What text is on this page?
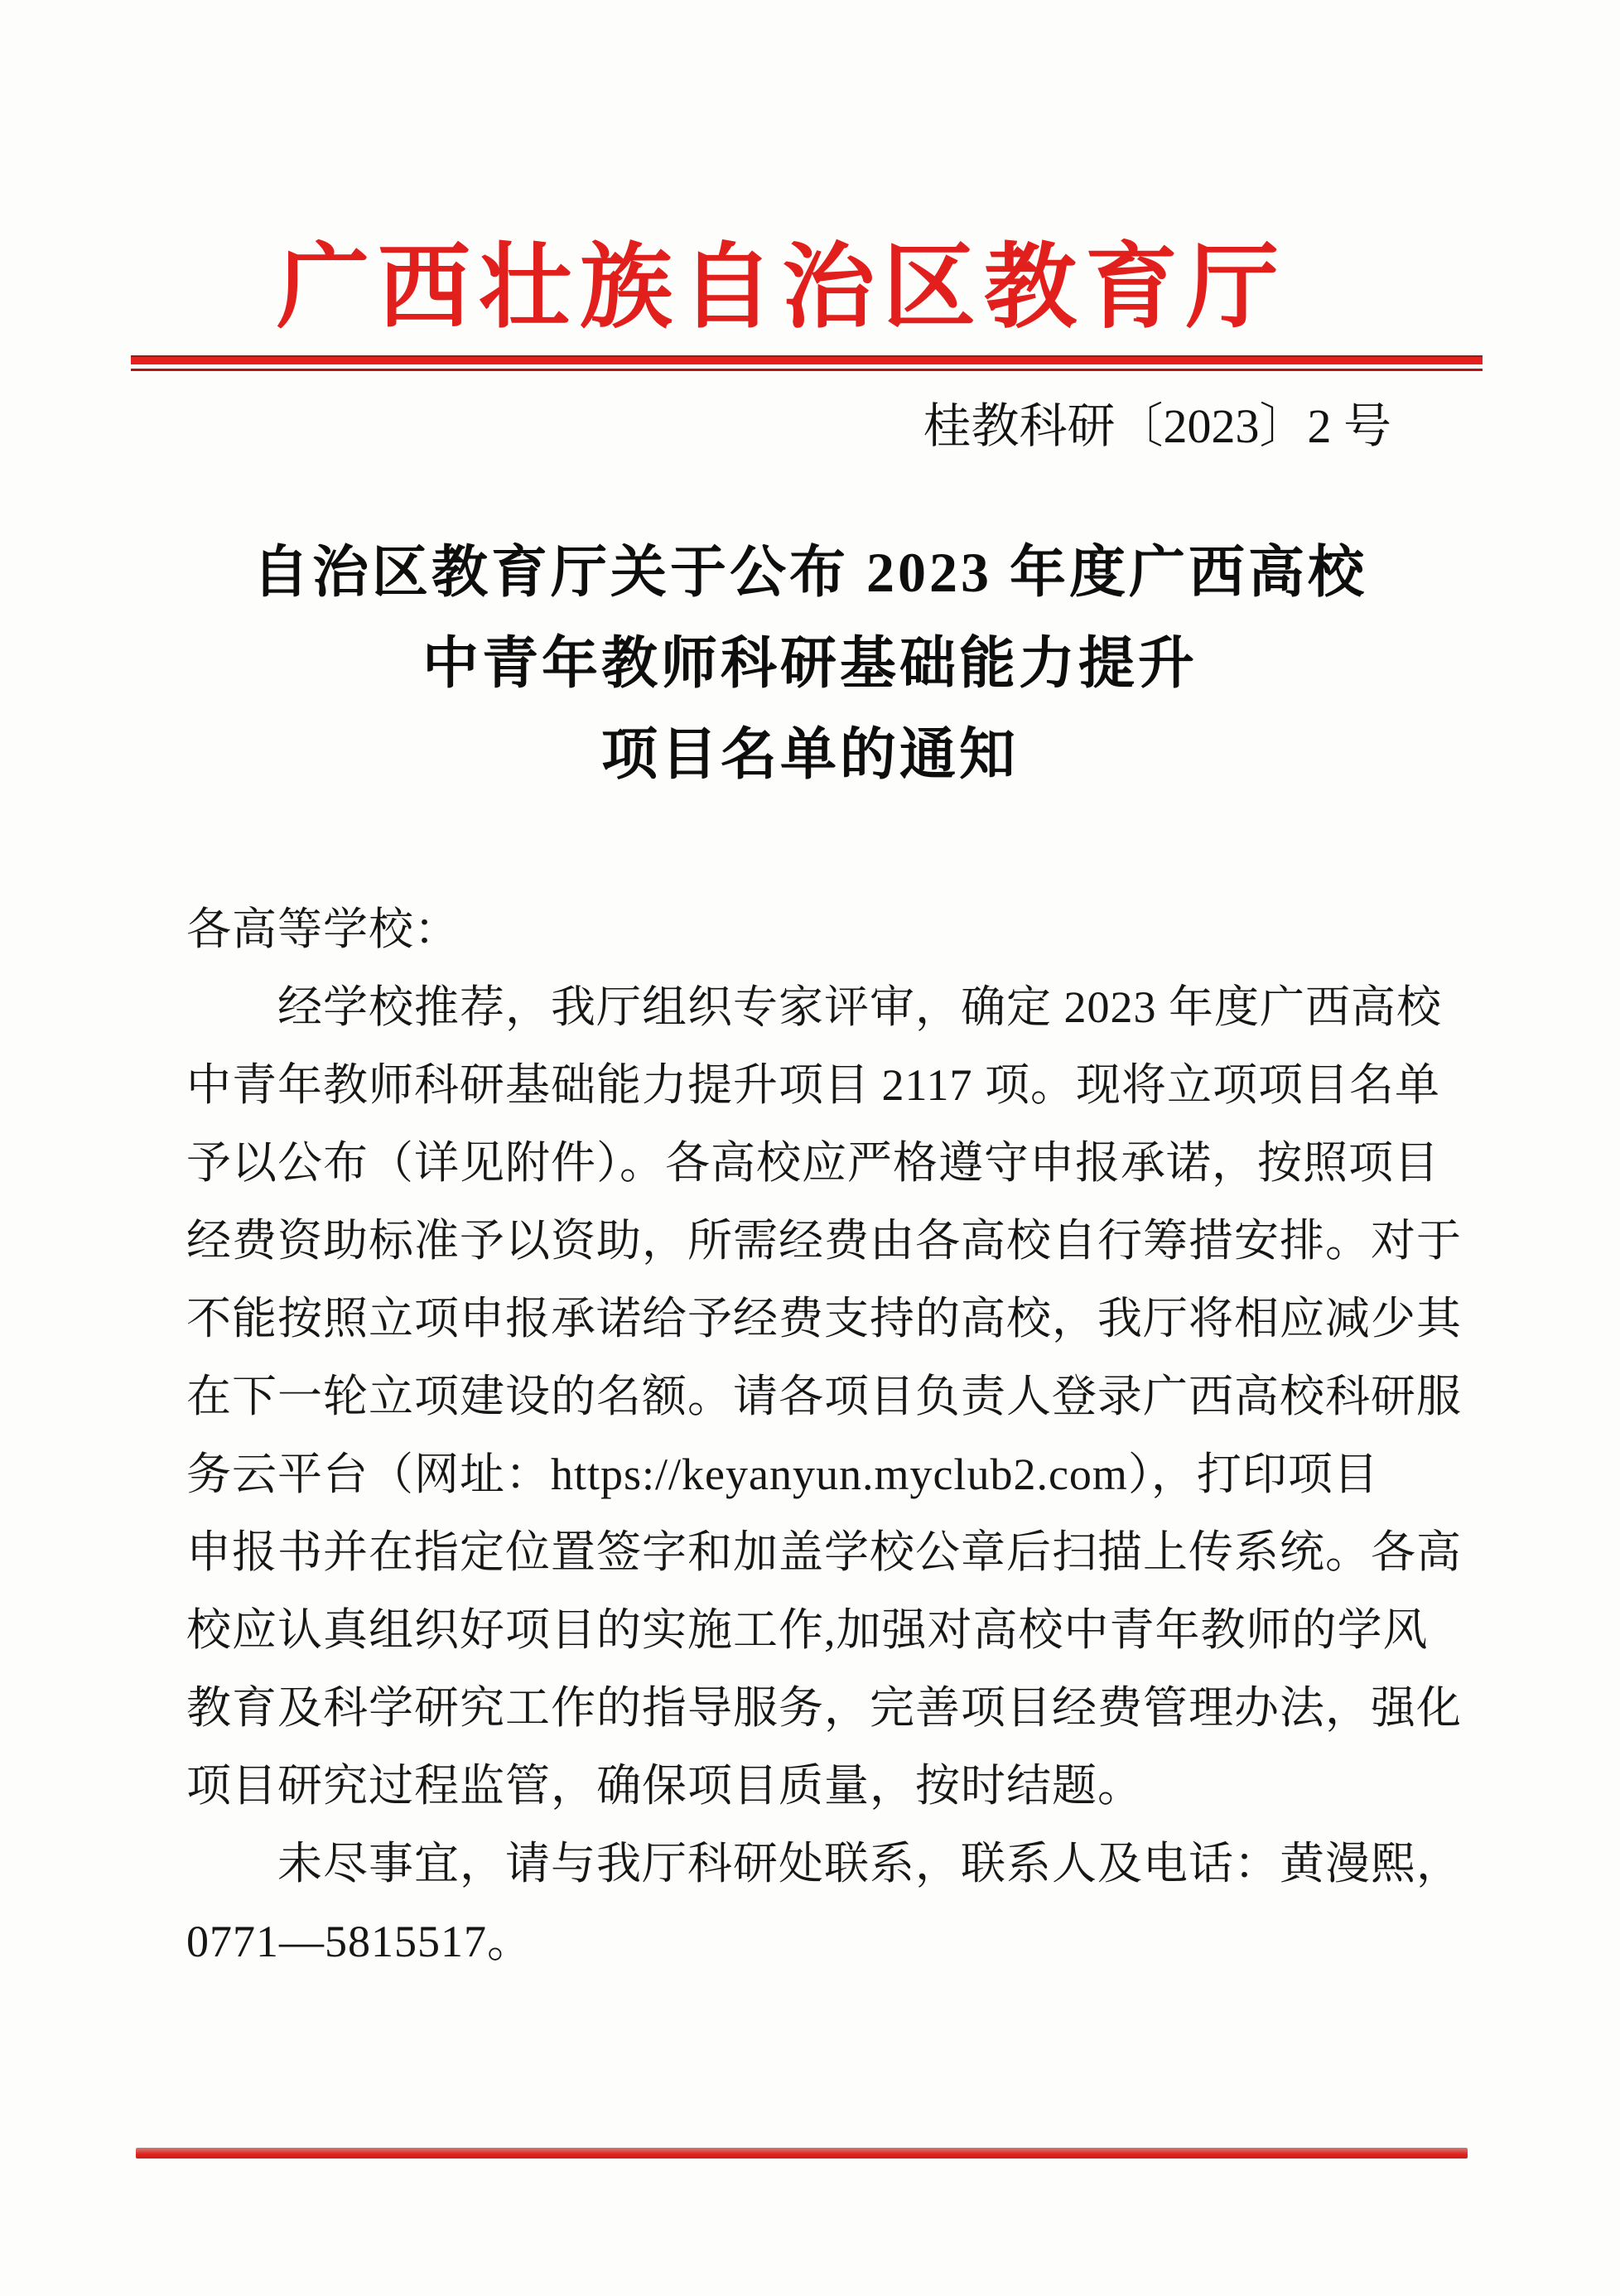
广西壮族自治区教育厅
桂教科研〔2023〕2 号
自治区教育厅关于公布 2023 年度广西高校
中青年教师科研基础能力提升
项目名单的通知
各高等学校：
经学校推荐，我厅组织专家评审，确定 2023 年度广西高校
中青年教师科研基础能力提升项目 2117 项。现将立项项目名单
予以公布（详见附件）。各高校应严格遵守申报承诺，按照项目
经费资助标准予以资助，所需经费由各高校自行筹措安排。对于
不能按照立项申报承诺给予经费支持的高校，我厅将相应减少其
在下一轮立项建设的名额。请各项目负责人登录广西高校科研服
务云平台（网址：https://keyanyun.myclub2.com），打印项目
申报书并在指定位置签字和加盖学校公章后扫描上传系统。各高
校应认真组织好项目的实施工作,加强对高校中青年教师的学风
教育及科学研究工作的指导服务，完善项目经费管理办法，强化
项目研究过程监管，确保项目质量，按时结题。
未尽事宜，请与我厅科研处联系，联系人及电话：黄漫熙，
0771—5815517。
